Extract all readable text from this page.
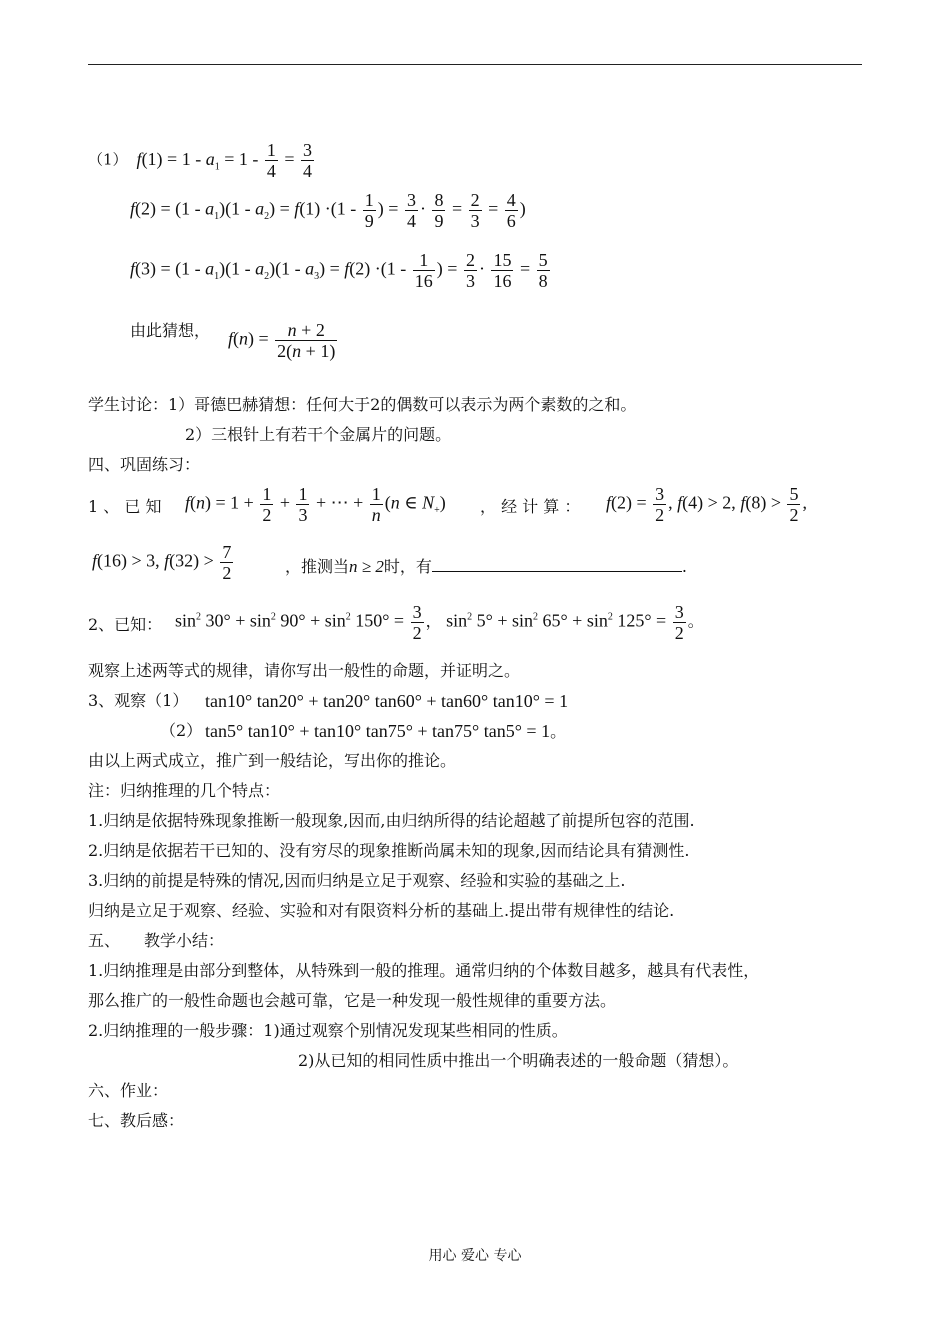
（1） $f(1) = 1 - a_1 = 1 - \frac{1}{4} = \frac{3}{4}$
$f(2) = (1 - a_1)(1 - a_2) = f(1) \cdot(1 - \frac{1}{9}$ ) = $\frac{3}{4} \cdot \frac{8}{9} = \frac{2}{3} = \frac{4}{6}$ )
$f(3) = (1 - a_1)(1 - a_2)(1 - a_3) = f(2) \cdot(1 - \frac{1}{16}$ ) = $\frac{2}{3} \cdot \frac{15}{16} = \frac{5}{8}$
由此猜想， $f(n) = \frac{n + 2}{2(n + 1)}$
学生讨论：1）哥德巴赫猜想：任何大于2的偶数可以表示为两个素数的之和。
2）三根针上有若干个金属片的问题。
四、巩固练习：
1 、 已 知 $f(n) = 1 + \frac{1}{2} + \frac{1}{3}$ + ⋯ + $\frac{1}{n} (n$ ∈ $N_+$) ， 经 计 算 ： $f(2) = \frac{3}{2}$ , f(4) > 2, $f(8) > \frac{5}{2}$ ,
f(16) > 3, $f(32) > \frac{7}{2}$	，推测当n ≥ 2时，有	.
2、已知： $\sin^2 30^\circ + \sin^2 90^\circ + \sin^2 150^\circ = \frac{3}{2}$ ， $\sin^2 5^\circ + \sin^2 65^\circ + \sin^2 125^\circ = \frac{3}{2}$ 。
观察上述两等式的规律，请你写出一般性的命题，并证明之。
3、观察（1） tan10° tan20° + tan20° tan60° + tan60° tan10° = 1
（2） tan5° tan10° + tan10° tan75° + tan75° tan5° = 1。
由以上两式成立，推广到一般结论，写出你的推论。
注：归纳推理的几个特点：
1.归纳是依据特殊现象推断一般现象,因而,由归纳所得的结论超越了前提所包容的范围.
2.归纳是依据若干已知的、没有穷尽的现象推断尚属未知的现象,因而结论具有猜测性.
3.归纳的前提是特殊的情况,因而归纳是立足于观察、经验和实验的基础之上.
归纳是立足于观察、经验、实验和对有限资料分析的基础上.提出带有规律性的结论.
五、　　教学小结：
1.归纳推理是由部分到整体，从特殊到一般的推理。通常归纳的个体数目越多，越具有代表性，
那么推广的一般性命题也会越可靠，它是一种发现一般性规律的重要方法。
2.归纳推理的一般步骤：1)通过观察个别情况发现某些相同的性质。
2)从已知的相同性质中推出一个明确表述的一般命题（猜想）。
六、作业：
七、教后感：
用心 爱心 专心
